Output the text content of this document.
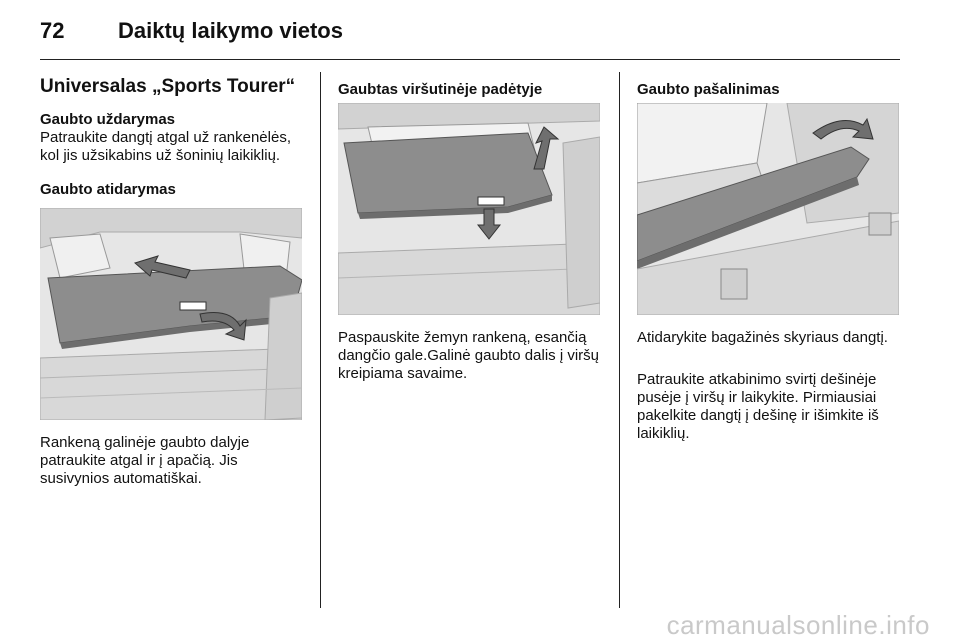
72 Daiktų laikymo vietos
Universalas „Sports Tourer“
Gaubto uždarymas
Patraukite dangtį atgal už rankenėlės, kol jis užsikabins už šoninių laikiklių.
Gaubto atidarymas
Rankeną galinėje gaubto dalyje patraukite atgal ir į apačią. Jis susivynios automatiškai.
Gaubtas viršutinėje padėtyje
Paspauskite žemyn rankeną, esančią dangčio gale.Galinė gaubto dalis į viršų kreipiama savaime.
Gaubto pašalinimas
Atidarykite bagažinės skyriaus dangtį.
Patraukite atkabinimo svirtį dešinėje pusėje į viršų ir laikykite. Pirmiausiai pakelkite dangtį į dešinę ir išimkite iš laikiklių.
carmanualsonline.info
